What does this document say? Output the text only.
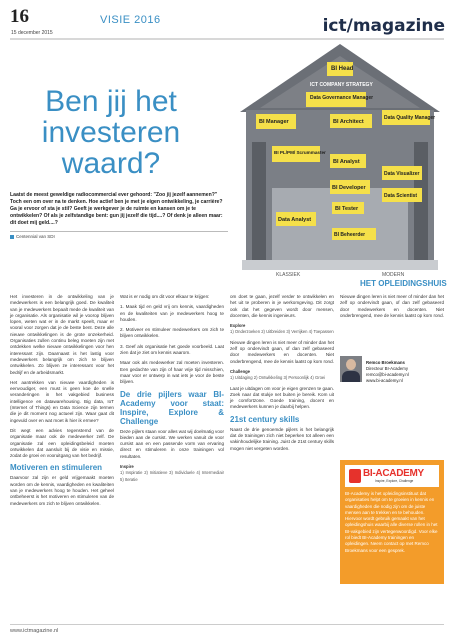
16
15 december 2015
VISIE 2016	ict/magazine
Ben jij het investeren waard?
Laatst de meest geweldige radiocommercial ever gehoord: "Zoo jij jezelf aannemen?" Toch een om over na te denken. Hoe actief ben je met je eigen ontwikkeling, je carrière? Ga je ervoor of sta je stil? Geeft je werkgever je de ruimte en kansen om je te ontwikkelen? Of als je zelfstandige bent: gun jij jezelf die tijd....? Of denk je alleen maar: dit doet mij geld....?
Centennial van SDI
BI Head
ICT COMPANY STRATEGY
Data Governance Manager
BI Manager
Data Quality Manager
BI Architect
BI PL/PM/ Scrummaster
BI Analyst
Data Visualizer
BI Developer
Data Scientist
Data Analyst
BI Tester
BI Beheerder
KLASSIEK	MODERN
HET OPLEIDINGSHUIS

Het investeren in de ontwikkeling van je medewerkers is een belangrijk goed. De kwaliteit van je medewerkers bepaalt mede de kwaliteit van je organisatie. Als organisatie wil je voorop blijven lopen, weten wat er in de markt speelt, maar er vooral voor zorgen dat je de beste bent. Deze alle nieuwe ontwikkelingen is de grote onzekerheid. Organisaties zullen continu beleg moeten zijn met ontdekken welke nieuwe ontwikkelingen voor hen interessant zijn. Daarnaast is het lastig voor medewerkers belangrijk om zich te blijven ontwikkelen. Zo blijven ze interessant voor het bedrijf en de arbeidsmarkt.

Het aantrekken van nieuwe vaardigheden is eenvoudiger, een must is geen koe de snelle veranderingen in het vakgebied business intelligence en datawarehousing. Big data, IoT (Internet of Things) en Data Science zijn termen die je dit moment nog actueel zijn. Waar gaat dit ingevuld over en wat moet ik hier ik ermee?

Dit wegt een advies tegenstemd van de organisatie maar ook de medewerker zelf. De organisatie zal een opleidingsbeleid moeten ontwikkelen dat aansluit bij de visie en missie, zodat de groei en vooruitgang van het bedrijf.

Motiveren en stimuleren

Daarvoor zal zijn er geld vrijgemaakt moeten worden om de kennis, vaardigheden en kwaliteiten van je medewerkers hoog te houden. Het geheel ontbeheerst is het motiveren en stimuleren van de medewerkers om zich te blijven ontwikkelen.

Wat is er nodig om dit voor elkaar te krijgen:

1. Maak tijd en geld vrij om kennis, vaardigheden en de kwaliteiten van je medewerkers hoog te houden.

2. Motiveer en stimuleer medewerkers om zich te blijven ontwikkelen.

3. Geef als organisatie het goede voorbeeld. Laat zien dat je ziet om kennis waarom.

Maar ook als medewerker zal moeten investeren. Een gedachte van zijn of haar vrije tijd misschien, maar voor er ontwerp in wat iets je voor de beste blijven.

De drie pijlers waar BI-Academy voor staat: Inspire, Explore & Challenge

Deze pijlers staan voor alles wat wij doelmatig voor bieden aan de cursist. We werken vanuit de voor cursist aan en een passende vorm van ervaring direct en stimuleren in onze trainingen vol resultaten.

Inspire
1) Inspiratie 2) Initiatieve 3) Individuele 4) Intermediair 5) Iteratie

om doet te gaan, jezelf verder te ontwikkelen en het uit te proberen in je werkomgeving. Dit zorgt ook dat het gegeven wordt door mensen, docenten, die kennis ingenieurs.

Explore
1) Onderzoeken 2) Uitbreiden 3) Verrijken 4) Toepassen

Nieuwe dingen leren is niet meer of minder dan het zelf op ondervindt gaan, of dan zelf gebaseerd door medewerkers en docenten. Niet onderbrengend, mee de kennis laatst op kom rond.

Challenge
1) Uitdaging 2) Ontwikkeling 3) Persoonlijk 4) Groei

Laat je uitdagen om voor je eigen grenzen te gaan. Zoek naar dat stukje net buiten je bereik. Kom uit je comfortzone. Goede training, docent en medewerkers kunnen je daarbij helpen.

21st century skills

Naast de drie genoemde pijlers is het belangrijk dat de trainingen zich niet beperken tot alleen een vakinhoudelijke training. Juist de 21st century skills mogen niet vergeten worden.

Nieuwe dingen leren is niet meer of minder dan het zelf op ondervindt gaan, of dan zelf gebaseerd door medewerkers en docenten. Niet onderbrengend, mee de kennis laatst op kom rond.

Remco Broekmans
Directeur BI-Academy
remco@bi-academy.nl
www.bi-academy.nl
BI-ACADEMY
Inspire, Explore, Challenge
BI-Academy is het opleidingsinstituut dat organisaties helpt om te groeien in kennis en vaardigheden die nodig zijn om de juiste mensen aan te trekken en te behouden. Hiervoor wordt gebruik gemaakt van het opleidingshuis waarbij alle diverse rollen in het BI-vakgebied zijn vertegenwoordigd. Voor elke rol biedt BI-Academy trainingen en opleidingen. Neem contact op met Remco Broekmans voor een gesprek.
www.ictmagazine.nl
